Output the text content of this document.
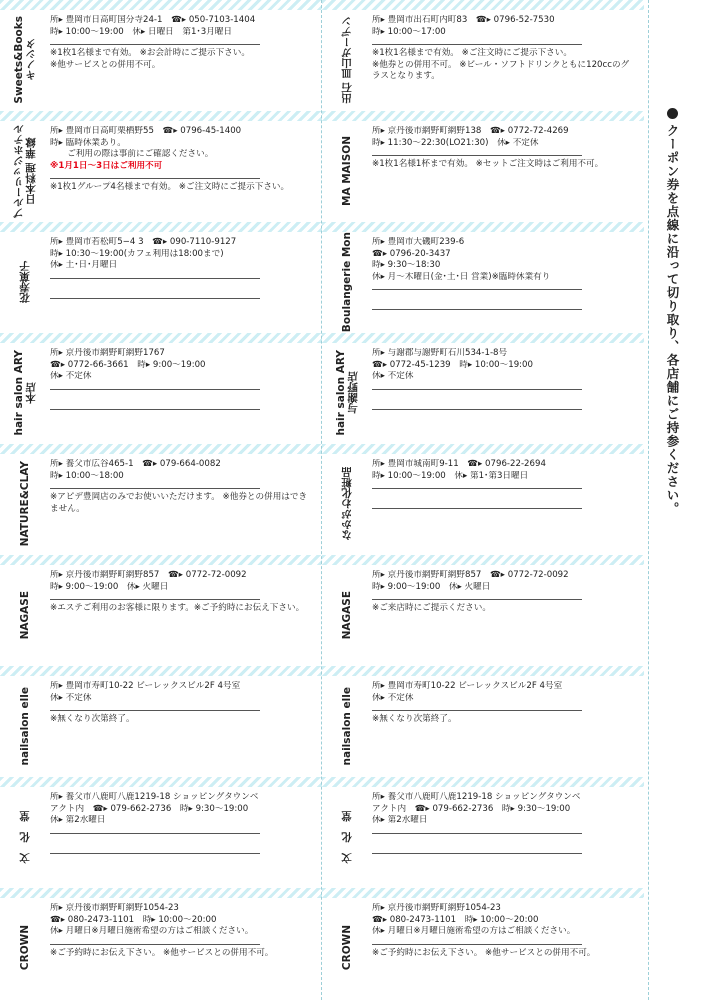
Sweets&Books
キノシタ
所▸ 豊岡市日高町国分寺24-1　☎▸ 050-7103-1404
時▸ 10:00〜19:00　休▸ 日曜日　第1･3月曜日
※1枚1名様まで有効。 ※お会計時にご提示下さい。
※他サービスとの併用不可。
ブルーリッジホテル
日本料理 華縁
所▸ 豊岡市日高町栗栖野55　☎▸ 0796-45-1400
時▸ 臨時休業あり。
　　ご利用の際は事前にご確認ください。
※1月1日〜3日はご利用不可
※1枚1グループ4名様まで有効。 ※ご注文時にご提示下さい。
花寿菓子
所▸ 豊岡市若松町5−4 3　☎▸ 090-7110-9127
時▸ 10:30〜19:00(カフェ利用は18:00まで)
休▸ 土･日･月曜日
hair salon ARY
本店
所▸ 京丹後市網野町網野1767
☎▸ 0772-66-3661　時▸ 9:00〜19:00
休▸ 不定休
NATURE&CLAY 所▸ 養父市広谷465-1　☎▸ 079-664-0082
時▸ 10:00〜18:00
※アピデ豊岡店のみでお使いいただけます。 ※他券との併用はできません。
NAGASE
所▸ 京丹後市網野町網野857　☎▸ 0772-72-0092
時▸ 9:00〜19:00　休▸ 火曜日
※エステご利用のお客様に限ります。※ご予約時にお伝え下さい。
nailsalon elle
所▸ 豊岡市寿町10-22 ビーレックスビル2F 4号室
休▸ 不定休
※無くなり次第終了。
文　化　堂
所▸ 養父市八鹿町八鹿1219-18 ショッピングタウンベ
アクト内　☎▸ 079-662-2736　時▸ 9:30〜19:00
休▸ 第2水曜日
CROWN
所▸ 京丹後市網野町網野1054-23
☎▸ 080-2473-1101　時▸ 10:00〜20:00
休▸ 月曜日※月曜日施術希望の方はご相談ください。
※ご予約時にお伝え下さい。 ※他サービスとの併用不可。
出石 皿山ガーデン 所▸ 豊岡市出石町内町83　☎▸ 0796-52-7530
時▸ 10:00〜17:00
※1枚1名様まで有効。 ※ご注文時にご提示下さい。
※他券との併用不可。 ※ビール・ソフトドリンクともに120ccのグラスとなります。
MA MAISON
所▸ 京丹後市網野町網野138　☎▸ 0772-72-4269
時▸ 11:30〜22:30(LO21:30)　休▸ 不定休
※1枚1名様1杯まで有効。 ※セットご注文時はご利用不可。
Boulangerie Mon 所▸ 豊岡市大磯町239-6
☎▸ 0796-20-3437
時▸ 9:30〜18:30
休▸ 月〜木曜日(金･土･日 営業)※臨時休業有り
hair salon ARY
与謝野店
所▸ 与謝郡与謝野町石川534-1-8号
☎▸ 0772-45-1239　時▸ 10:00〜19:00
休▸ 不定休
なかがわ化粧品
所▸ 豊岡市城南町9-11　☎▸ 0796-22-2694
時▸ 10:00〜19:00　休▸ 第1･第3日曜日
NAGASE
所▸ 京丹後市網野町網野857　☎▸ 0772-72-0092
時▸ 9:00〜19:00　休▸ 火曜日
※ご来店時にご提示ください。
nailsalon elle
所▸ 豊岡市寿町10-22 ビーレックスビル2F 4号室
休▸ 不定休
※無くなり次第終了。
文　化　堂
所▸ 養父市八鹿町八鹿1219-18 ショッピングタウンベ
アクト内　☎▸ 079-662-2736　時▸ 9:30〜19:00
休▸ 第2水曜日
CROWN
所▸ 京丹後市網野町網野1054-23
☎▸ 080-2473-1101　時▸ 10:00〜20:00
休▸ 月曜日※月曜日施術希望の方はご相談ください。
※ご予約時にお伝え下さい。 ※他サービスとの併用不可。
クーポン券を点線に沿って切り取り、各店舗にご持参ください。
